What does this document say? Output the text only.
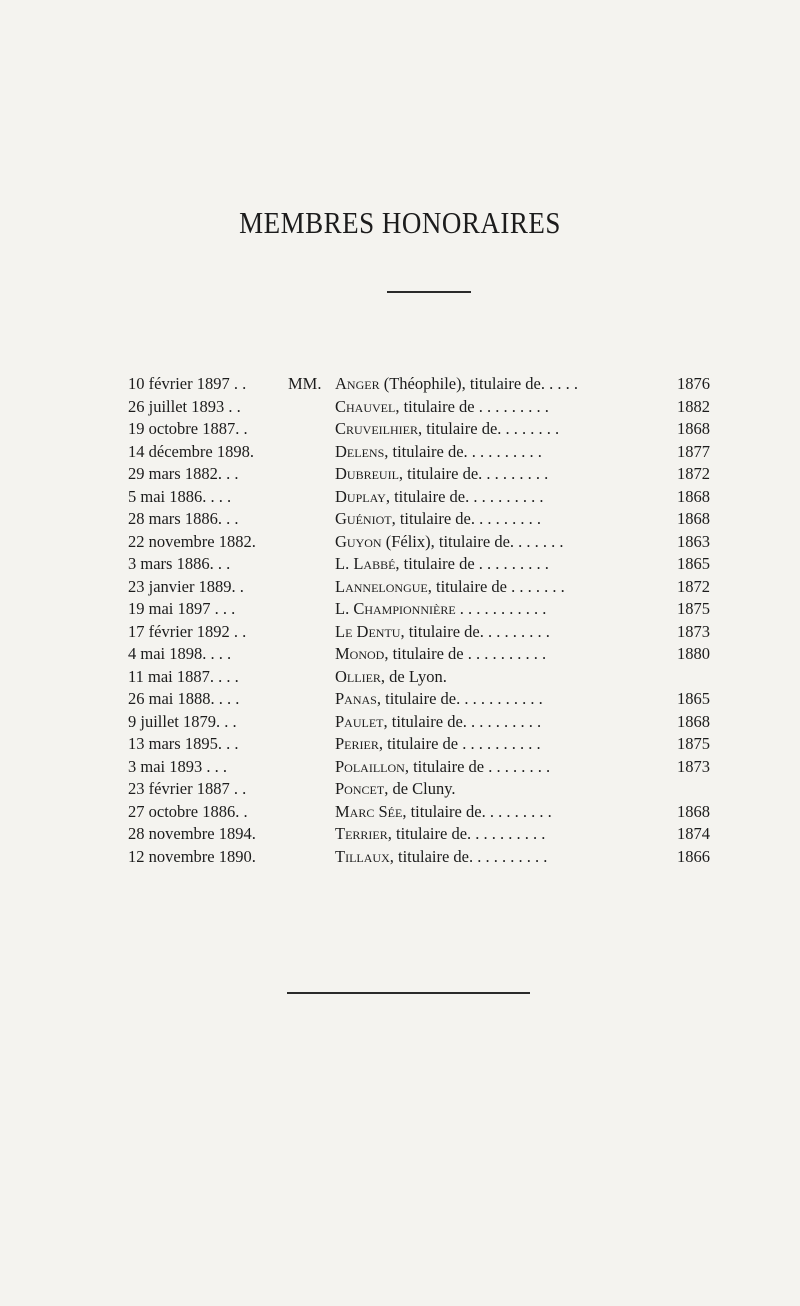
MEMBRES HONORAIRES
10 février 1897 . .	MM. Anger (Théophile), titulaire de. . . . .	1876
26 juillet 1893 . .	Chauvel, titulaire de . . . . . . . . .	1882
19 octobre 1887. .	Cruveilhier, titulaire de. . . . . . . .	1868
14 décembre 1898.	Delens, titulaire de. . . . . . . . . .	1877
29 mars 1882. . .	Dubreuil, titulaire de. . . . . . . . .	1872
5 mai 1886. . . .	Duplay, titulaire de. . . . . . . . . .	1868
28 mars 1886. . .	Guéniot, titulaire de. . . . . . . . .	1868
22 novembre 1882.	Guyon (Félix), titulaire de. . . . . . .	1863
3 mars 1886. . .	L. Labbé, titulaire de . . . . . . . . .	1865
23 janvier 1889. .	Lannelongue, titulaire de . . . . . . .	1872
19 mai 1897 . . .	L. Championnière . . . . . . . . . . .	1875
17 février 1892 . .	Le Dentu, titulaire de. . . . . . . . .	1873
4 mai 1898. . . .	Monod, titulaire de . . . . . . . . . .	1880
11 mai 1887. . . .	Ollier, de Lyon.
26 mai 1888. . . .	Panas, titulaire de. . . . . . . . . . .	1865
9 juillet 1879. . .	Paulet, titulaire de. . . . . . . . . .	1868
13 mars 1895. . .	Perier, titulaire de . . . . . . . . . .	1875
3 mai 1893 . . .	Polaillon, titulaire de . . . . . . . .	1873
23 février 1887 . .	Poncet, de Cluny.
27 octobre 1886. .	Marc Sée, titulaire de. . . . . . . . .	1868
28 novembre 1894.	Terrier, titulaire de. . . . . . . . . .	1874
12 novembre 1890.	Tillaux, titulaire de. . . . . . . . . .	1866
